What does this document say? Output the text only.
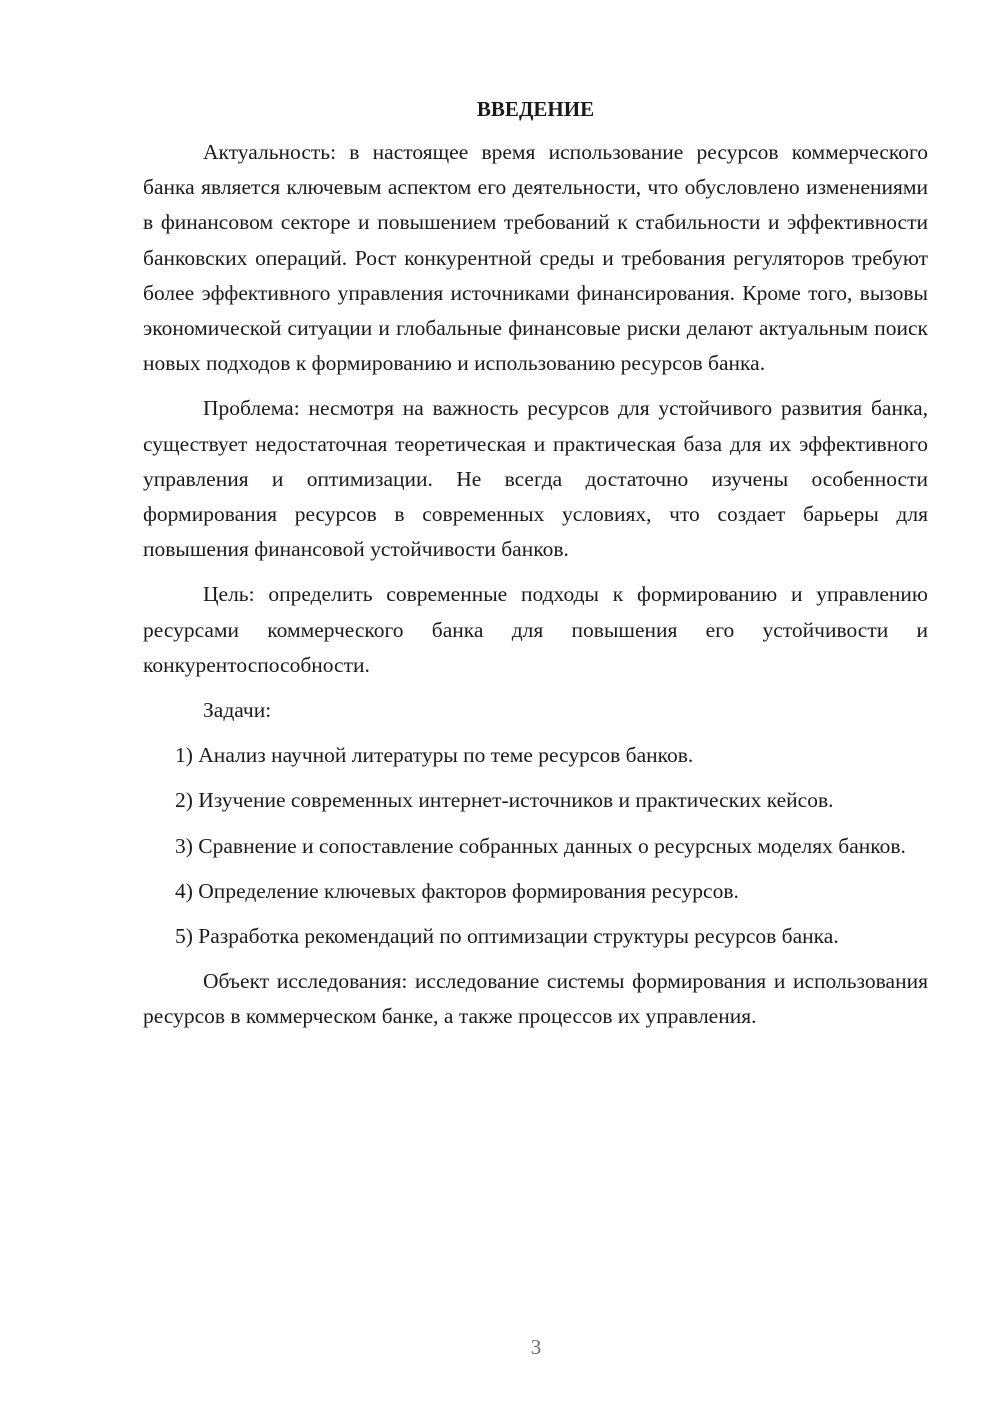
ВВЕДЕНИЕ

Актуальность: в настоящее время использование ресурсов коммерческого банка является ключевым аспектом его деятельности, что обусловлено изменениями в финансовом секторе и повышением требований к стабильности и эффективности банковских операций. Рост конкурентной среды и требования регуляторов требуют более эффективного управления источниками финансирования. Кроме того, вызовы экономической ситуации и глобальные финансовые риски делают актуальным поиск новых подходов к формированию и использованию ресурсов банка.

Проблема: несмотря на важность ресурсов для устойчивого развития банка, существует недостаточная теоретическая и практическая база для их эффективного управления и оптимизации. Не всегда достаточно изучены особенности формирования ресурсов в современных условиях, что создает барьеры для повышения финансовой устойчивости банков.

Цель: определить современные подходы к формированию и управлению ресурсами коммерческого банка для повышения его устойчивости и конкурентоспособности.

Задачи:

1) Анализ научной литературы по теме ресурсов банков.

2) Изучение современных интернет-источников и практических кейсов.

3) Сравнение и сопоставление собранных данных о ресурсных моделях банков.

4) Определение ключевых факторов формирования ресурсов.

5) Разработка рекомендаций по оптимизации структуры ресурсов банка.

Объект исследования: исследование системы формирования и использования ресурсов в коммерческом банке, а также процессов их управления.

3
